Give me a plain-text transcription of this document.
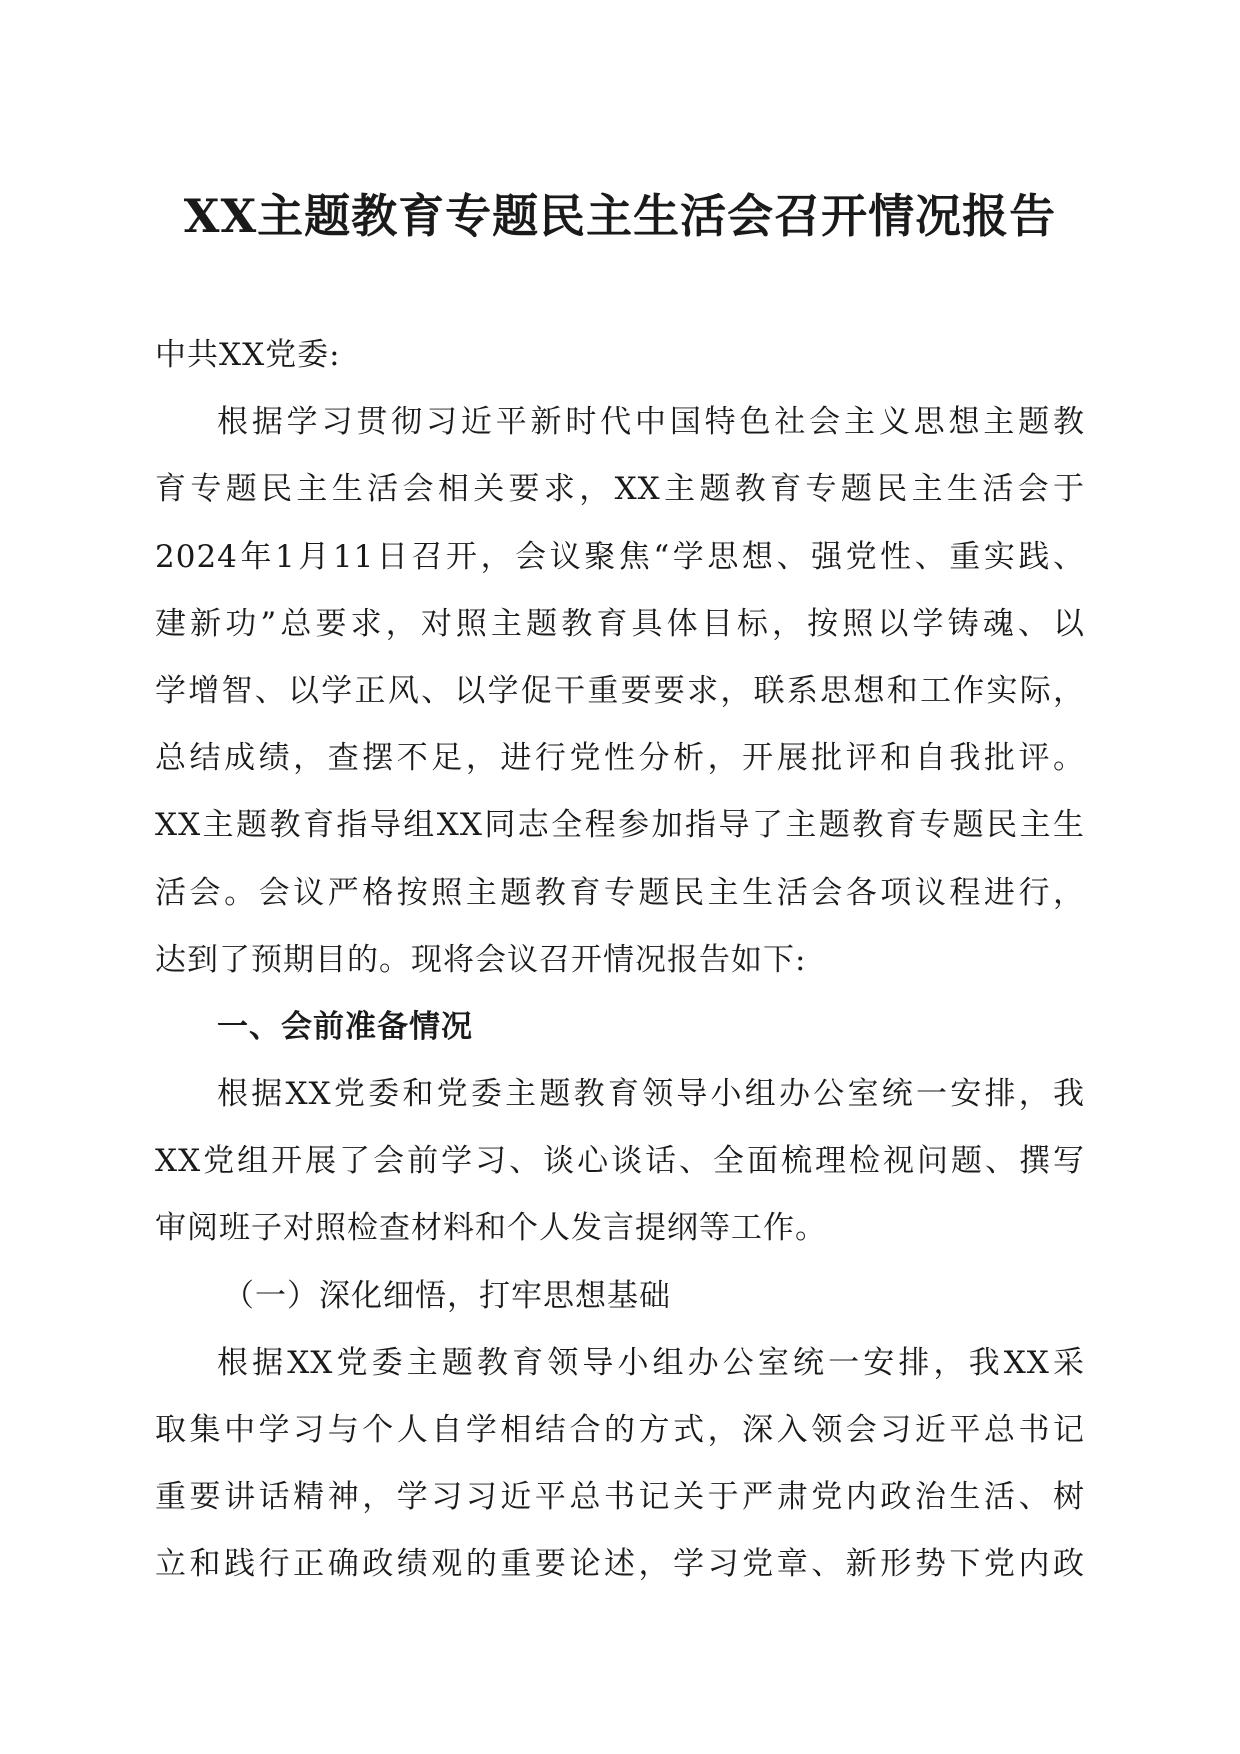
XX主题教育专题民主生活会召开情况报告
中共XX党委:
根据学习贯彻习近平新时代中国特色社会主义思想主题教
育专题民主生活会相关要求，XX主题教育专题民主生活会于
2024年1月11日召开，会议聚焦“学思想、强党性、重实践、
建新功”总要求，对照主题教育具体目标，按照以学铸魂、以
学增智、以学正风、以学促干重要要求，联系思想和工作实际，
总结成绩，查摆不足，进行党性分析，开展批评和自我批评。
XX主题教育指导组XX同志全程参加指导了主题教育专题民主生
活会。会议严格按照主题教育专题民主生活会各项议程进行，
达到了预期目的。现将会议召开情况报告如下:
一、会前准备情况
根据XX党委和党委主题教育领导小组办公室统一安排，我
XX党组开展了会前学习、谈心谈话、全面梳理检视问题、撰写
审阅班子对照检查材料和个人发言提纲等工作。
（一）深化细悟，打牢思想基础
根据XX党委主题教育领导小组办公室统一安排，我XX采
取集中学习与个人自学相结合的方式，深入领会习近平总书记
重要讲话精神，学习习近平总书记关于严肃党内政治生活、树
立和践行正确政绩观的重要论述，学习党章、新形势下党内政
